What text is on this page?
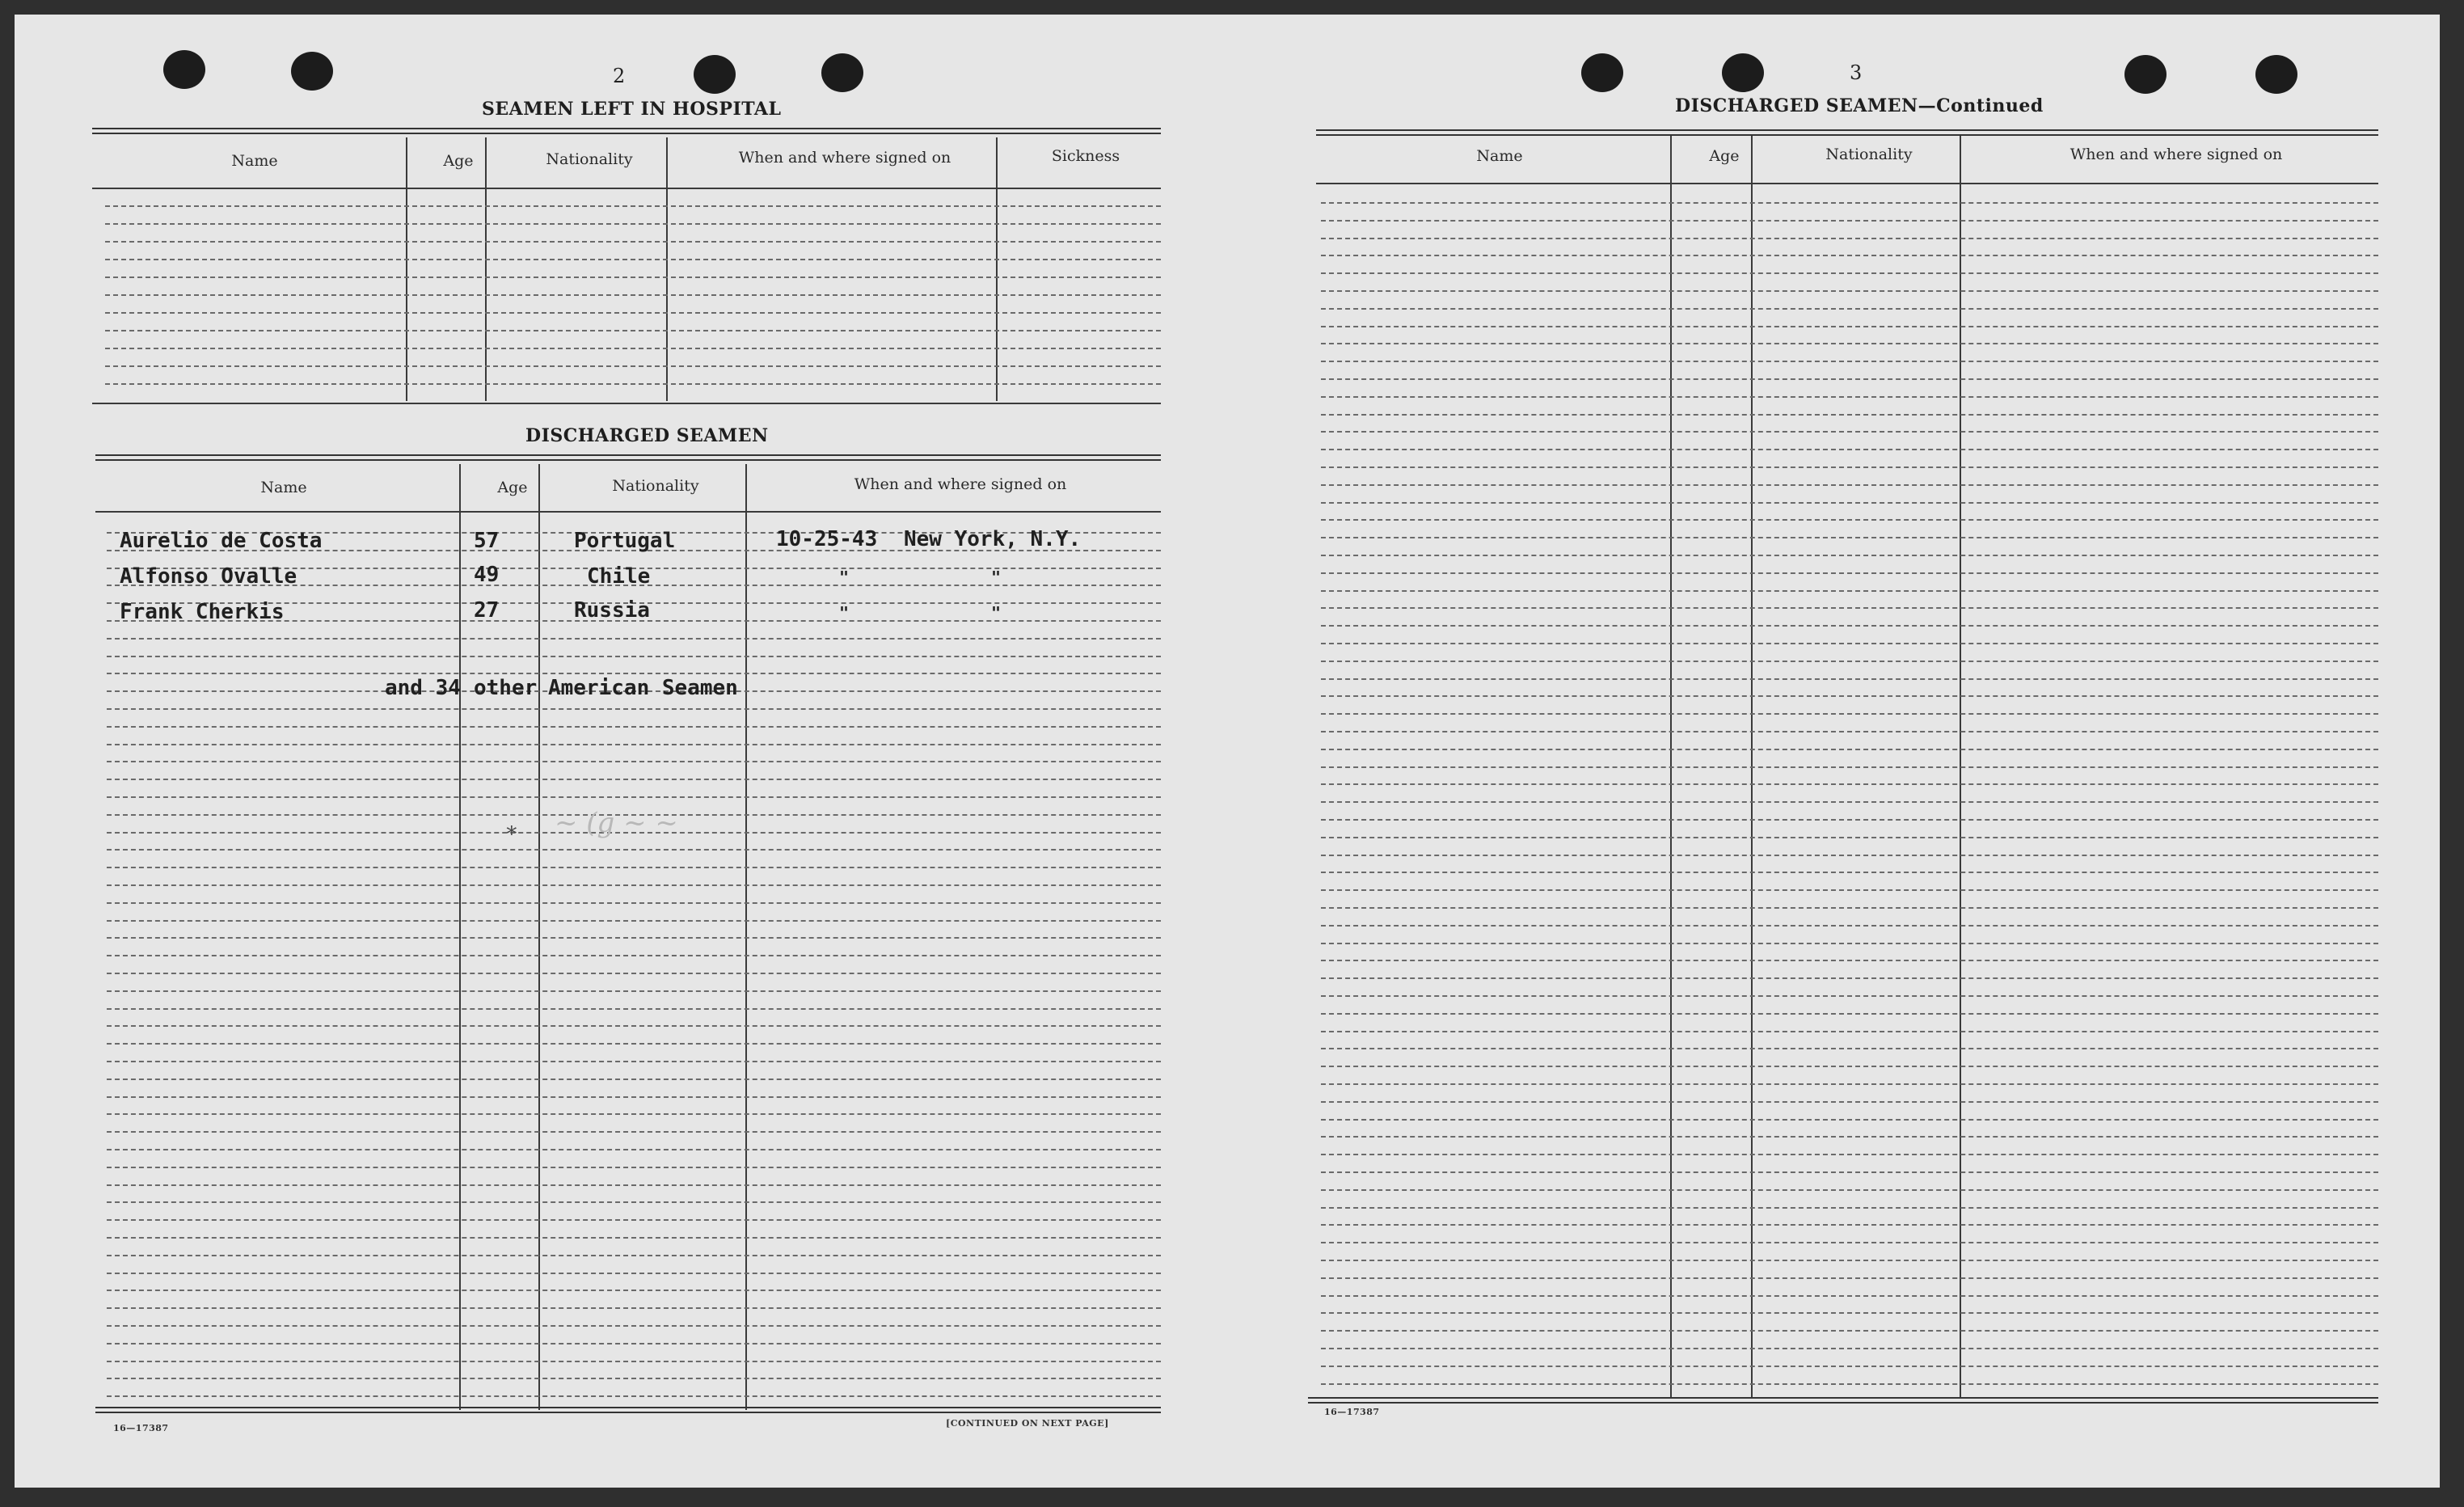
2
SEAMEN LEFT IN HOSPITAL
Name	Age	Nationality	When and where signed on	Sickness
DISCHARGED SEAMEN
Name	Age	Nationality	When and where signed on
Aurelio de Costa	57	Portugal	10-25-43 New York, N.Y.
Alfonso Ovalle	49	Chile	"	"
Frank Cherkis	27	Russia	"	"
and 34 other American Seamen
∗ ~ (g ~ ~
16—17387	[CONTINUED ON NEXT PAGE]
3
DISCHARGED SEAMEN—Continued
Name	Age	Nationality	When and where signed on
16—17387
